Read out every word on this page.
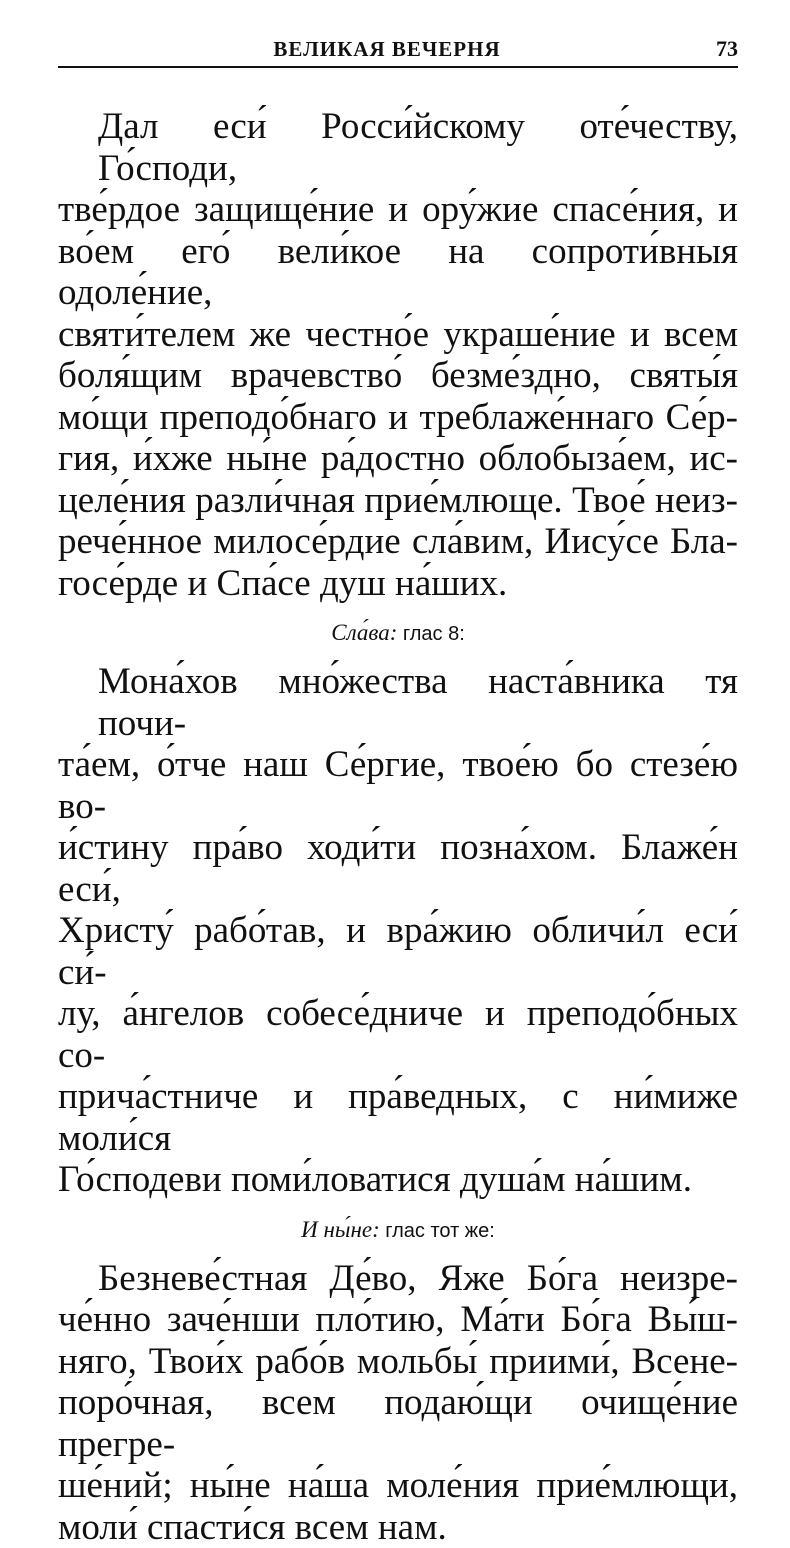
ВЕЛИКАЯ ВЕЧЕРНЯ	73
Дал еси́ Росси́йскому оте́честву, Го́споди,
тве́рдое защище́ние и ору́жие спасе́ния, и
во́ем его́ вели́кое на сопроти́вныя одоле́ние,
святи́телем же честно́е украше́ние и всем
боля́щим врачевство́ безме́здно, святы́я
мо́щи преподо́бнаго и треблаже́ннаго Се́р-
гия, и́хже ны́не ра́достно облобыза́ем, ис-
целе́ния разли́чная прие́млюще. Твое́ неиз-
рече́нное милосе́рдие сла́вим, Иису́се Бла-
госе́рде и Спа́се душ на́ших.
Сла́ва: глас 8:
Мона́хов мно́жества наста́вника тя почи-
та́ем, о́тче наш Се́ргие, твое́ю бо стезе́ю во-
и́стину пра́во ходи́ти позна́хом. Блаже́н еси́,
Христу́ рабо́тав, и вра́жию обличи́л еси́ си́-
лу, а́нгелов собесе́дниче и преподо́бных со-
прича́стниче и пра́ведных, с ни́миже моли́ся
Го́сподеви поми́ловатися душа́м на́шим.
И ны́не: глас тот же:
Безневе́стная Де́во, Яже Бо́га неизре-
че́нно заче́нши пло́тию, Ма́ти Бо́га Вы́ш-
няго, Твои́х рабо́в мольбы́ приими́, Всене-
поро́чная, всем подаю́щи очище́ние прегре-
ше́ний; ны́не на́ша моле́ния прие́млющи,
моли́ спасти́ся всем нам.
